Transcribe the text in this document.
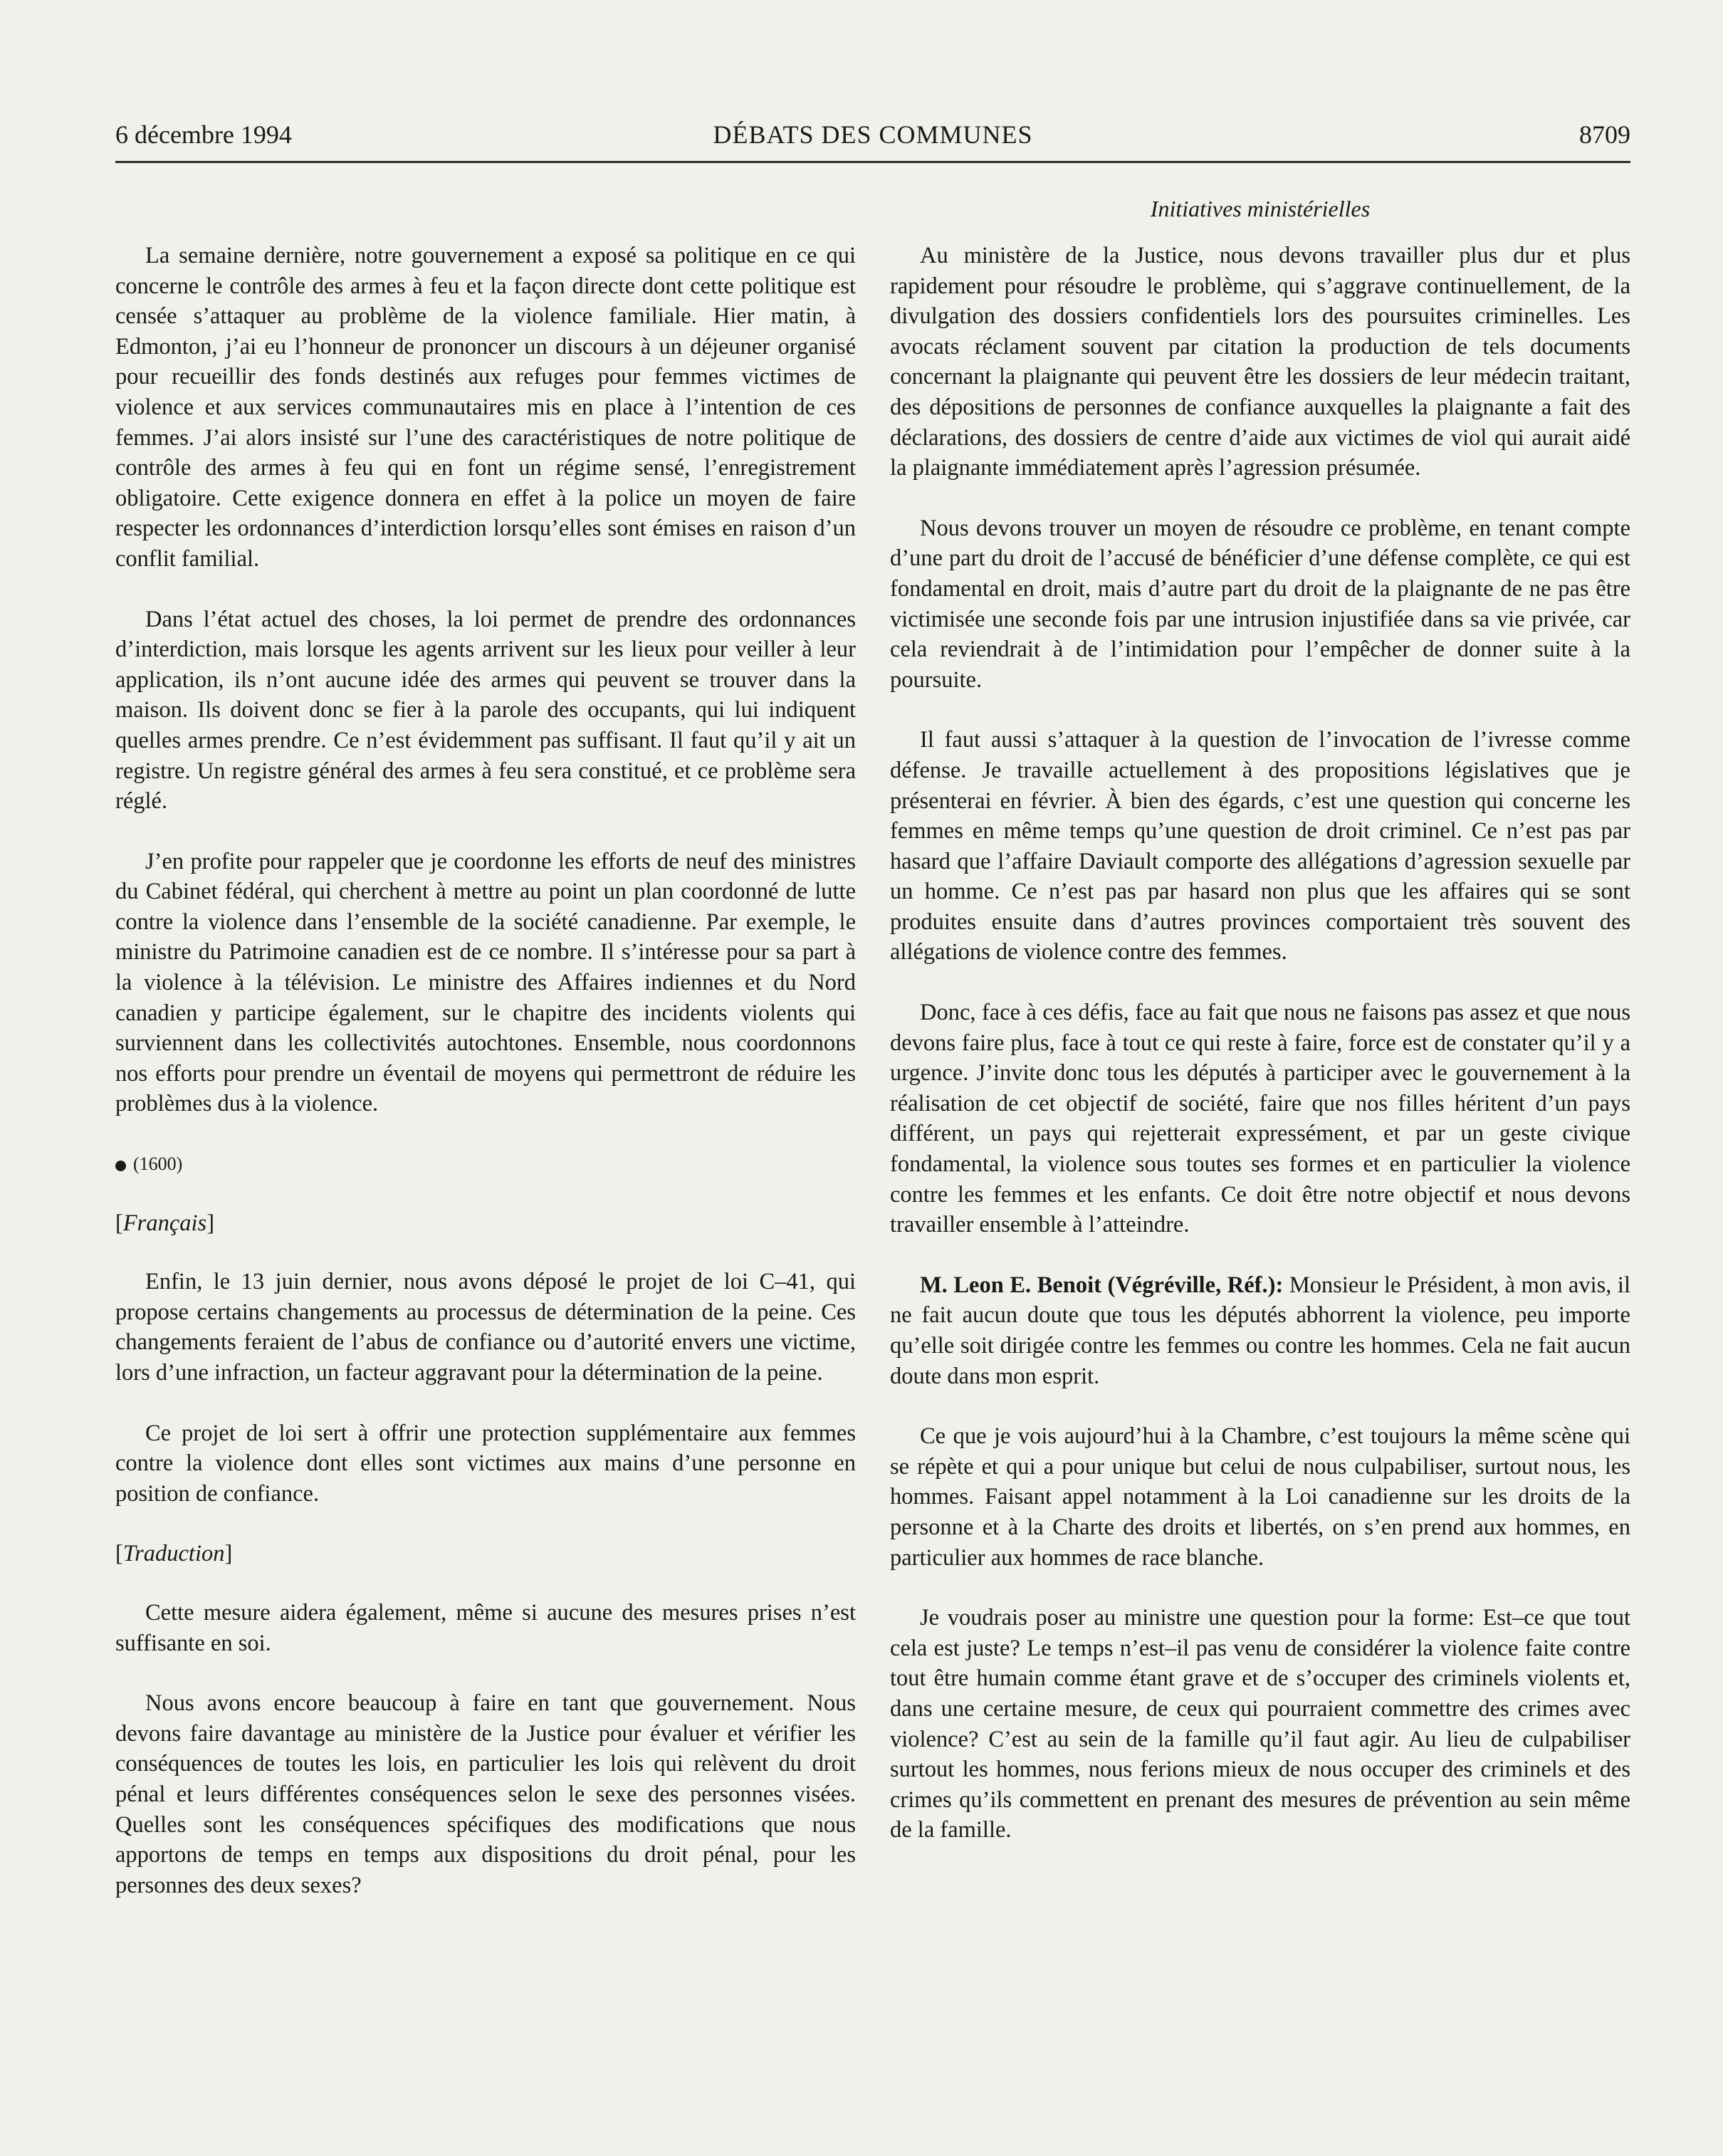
6 décembre 1994	DÉBATS DES COMMUNES	8709
Initiatives ministérielles

La semaine dernière, notre gouvernement a exposé sa politique en ce qui concerne le contrôle des armes à feu et la façon directe dont cette politique est censée s’attaquer au problème de la violence familiale. Hier matin, à Edmonton, j’ai eu l’honneur de prononcer un discours à un déjeuner organisé pour recueillir des fonds destinés aux refuges pour femmes victimes de violence et aux services communautaires mis en place à l’intention de ces femmes. J’ai alors insisté sur l’une des caractéristiques de notre politique de contrôle des armes à feu qui en font un régime sensé, l’enregistrement obligatoire. Cette exigence donnera en effet à la police un moyen de faire respecter les ordonnances d’interdiction lorsqu’elles sont émises en raison d’un conflit familial.

Dans l’état actuel des choses, la loi permet de prendre des ordonnances d’interdiction, mais lorsque les agents arrivent sur les lieux pour veiller à leur application, ils n’ont aucune idée des armes qui peuvent se trouver dans la maison. Ils doivent donc se fier à la parole des occupants, qui lui indiquent quelles armes prendre. Ce n’est évidemment pas suffisant. Il faut qu’il y ait un registre. Un registre général des armes à feu sera constitué, et ce problème sera réglé.

J’en profite pour rappeler que je coordonne les efforts de neuf des ministres du Cabinet fédéral, qui cherchent à mettre au point un plan coordonné de lutte contre la violence dans l’ensemble de la société canadienne. Par exemple, le ministre du Patrimoine canadien est de ce nombre. Il s’intéresse pour sa part à la violence à la télévision. Le ministre des Affaires indiennes et du Nord canadien y participe également, sur le chapitre des incidents violents qui surviennent dans les collectivités autochtones. Ensemble, nous coordonnons nos efforts pour prendre un éventail de moyens qui permettront de réduire les problèmes dus à la violence.

(1600)

[Français]

Enfin, le 13 juin dernier, nous avons déposé le projet de loi C–41, qui propose certains changements au processus de détermination de la peine. Ces changements feraient de l’abus de confiance ou d’autorité envers une victime, lors d’une infraction, un facteur aggravant pour la détermination de la peine.

Ce projet de loi sert à offrir une protection supplémentaire aux femmes contre la violence dont elles sont victimes aux mains d’une personne en position de confiance.

[Traduction]

Cette mesure aidera également, même si aucune des mesures prises n’est suffisante en soi.

Nous avons encore beaucoup à faire en tant que gouvernement. Nous devons faire davantage au ministère de la Justice pour évaluer et vérifier les conséquences de toutes les lois, en particulier les lois qui relèvent du droit pénal et leurs différentes conséquences selon le sexe des personnes visées. Quelles sont les conséquences spécifiques des modifications que nous apportons de temps en temps aux dispositions du droit pénal, pour les personnes des deux sexes?

Au ministère de la Justice, nous devons travailler plus dur et plus rapidement pour résoudre le problème, qui s’aggrave continuellement, de la divulgation des dossiers confidentiels lors des poursuites criminelles. Les avocats réclament souvent par citation la production de tels documents concernant la plaignante qui peuvent être les dossiers de leur médecin traitant, des dépositions de personnes de confiance auxquelles la plaignante a fait des déclarations, des dossiers de centre d’aide aux victimes de viol qui aurait aidé la plaignante immédiatement après l’agression présumée.

Nous devons trouver un moyen de résoudre ce problème, en tenant compte d’une part du droit de l’accusé de bénéficier d’une défense complète, ce qui est fondamental en droit, mais d’autre part du droit de la plaignante de ne pas être victimisée une seconde fois par une intrusion injustifiée dans sa vie privée, car cela reviendrait à de l’intimidation pour l’empêcher de donner suite à la poursuite.

Il faut aussi s’attaquer à la question de l’invocation de l’ivresse comme défense. Je travaille actuellement à des propositions législatives que je présenterai en février. À bien des égards, c’est une question qui concerne les femmes en même temps qu’une question de droit criminel. Ce n’est pas par hasard que l’affaire Daviault comporte des allégations d’agression sexuelle par un homme. Ce n’est pas par hasard non plus que les affaires qui se sont produites ensuite dans d’autres provinces comportaient très souvent des allégations de violence contre des femmes.

Donc, face à ces défis, face au fait que nous ne faisons pas assez et que nous devons faire plus, face à tout ce qui reste à faire, force est de constater qu’il y a urgence. J’invite donc tous les députés à participer avec le gouvernement à la réalisation de cet objectif de société, faire que nos filles héritent d’un pays différent, un pays qui rejetterait expressément, et par un geste civique fondamental, la violence sous toutes ses formes et en particulier la violence contre les femmes et les enfants. Ce doit être notre objectif et nous devons travailler ensemble à l’atteindre.

M. Leon E. Benoit (Végréville, Réf.): Monsieur le Président, à mon avis, il ne fait aucun doute que tous les députés abhorrent la violence, peu importe qu’elle soit dirigée contre les femmes ou contre les hommes. Cela ne fait aucun doute dans mon esprit.

Ce que je vois aujourd’hui à la Chambre, c’est toujours la même scène qui se répète et qui a pour unique but celui de nous culpabiliser, surtout nous, les hommes. Faisant appel notamment à la Loi canadienne sur les droits de la personne et à la Charte des droits et libertés, on s’en prend aux hommes, en particulier aux hommes de race blanche.

Je voudrais poser au ministre une question pour la forme: Est–ce que tout cela est juste? Le temps n’est–il pas venu de considérer la violence faite contre tout être humain comme étant grave et de s’occuper des criminels violents et, dans une certaine mesure, de ceux qui pourraient commettre des crimes avec violence? C’est au sein de la famille qu’il faut agir. Au lieu de culpabiliser surtout les hommes, nous ferions mieux de nous occuper des criminels et des crimes qu’ils commettent en prenant des mesures de prévention au sein même de la famille.
